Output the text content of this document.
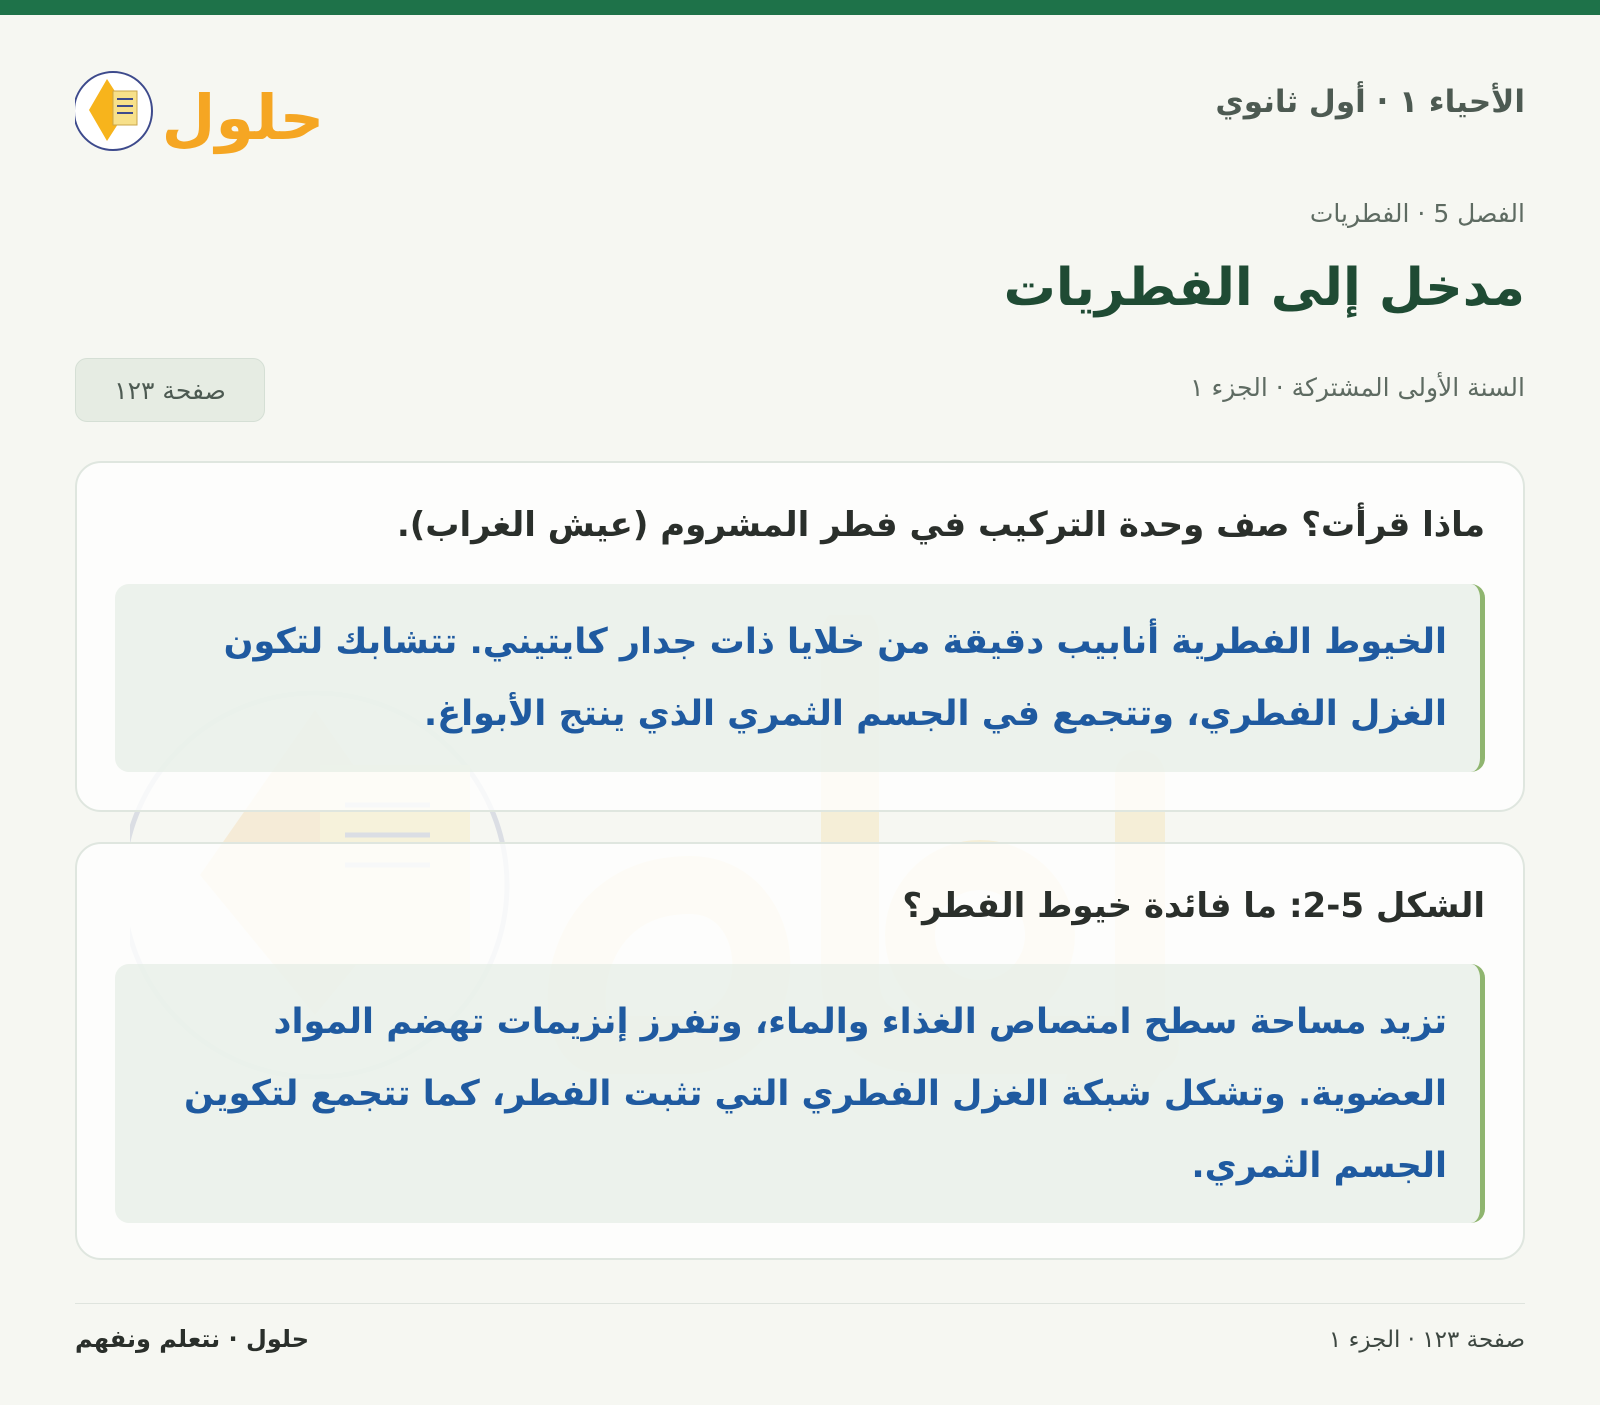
الأحياء ١ · أول ثانوي
حلول
الفصل 5 · الفطريات
مدخل إلى الفطريات
السنة الأولى المشتركة · الجزء ١
صفحة ١٢٣
ماذا قرأت؟ صف وحدة التركيب في فطر المشروم (عيش الغراب).
الخيوط الفطرية أنابيب دقيقة من خلايا ذات جدار كايتيني. تتشابك لتكون الغزل الفطري، وتتجمع في الجسم الثمري الذي ينتج الأبواغ.
الشكل 5-2: ما فائدة خيوط الفطر؟
تزيد مساحة سطح امتصاص الغذاء والماء، وتفرز إنزيمات تهضم المواد العضوية. وتشكل شبكة الغزل الفطري التي تثبت الفطر، كما تتجمع لتكوين الجسم الثمري.
صفحة ١٢٣ · الجزء ١
حلول · نتعلم ونفهم
